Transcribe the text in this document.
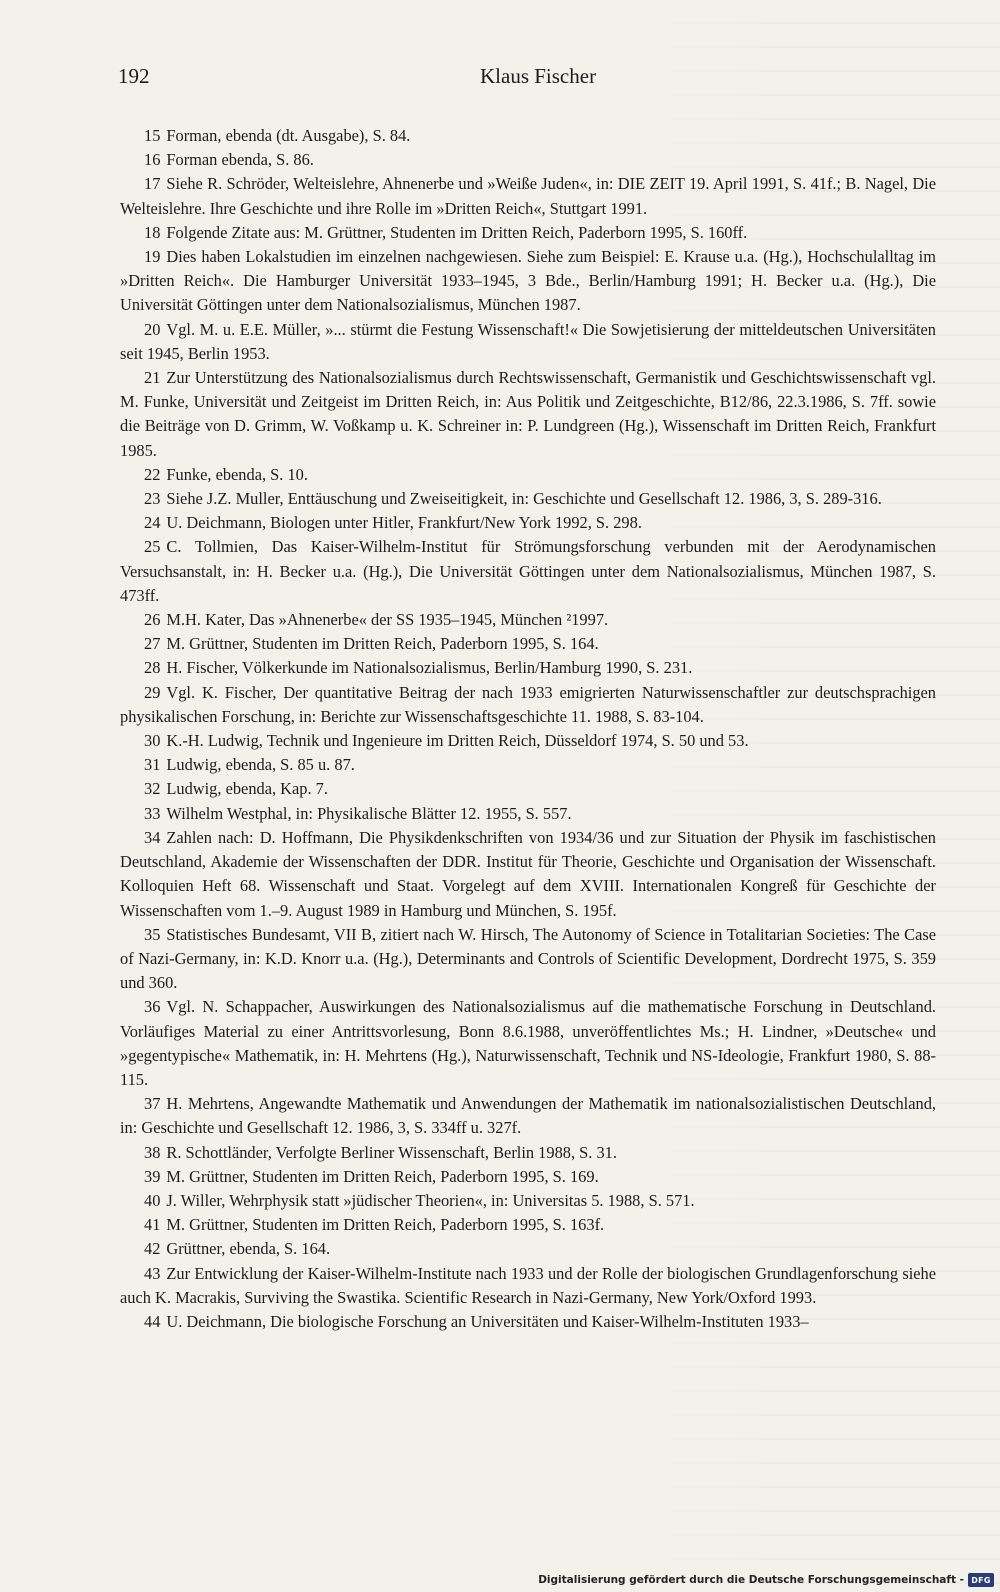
192	Klaus Fischer

15 Forman, ebenda (dt. Ausgabe), S. 84.

16 Forman ebenda, S. 86.

17 Siehe R. Schröder, Welteislehre, Ahnenerbe und »Weiße Juden«, in: DIE ZEIT 19. April 1991, S. 41f.; B. Nagel, Die Welteislehre. Ihre Geschichte und ihre Rolle im »Dritten Reich«, Stuttgart 1991.

18 Folgende Zitate aus: M. Grüttner, Studenten im Dritten Reich, Paderborn 1995, S. 160ff.

19 Dies haben Lokalstudien im einzelnen nachgewiesen. Siehe zum Beispiel: E. Krause u.a. (Hg.), Hochschulalltag im »Dritten Reich«. Die Hamburger Universität 1933–1945, 3 Bde., Berlin/Hamburg 1991; H. Becker u.a. (Hg.), Die Universität Göttingen unter dem Nationalsozialismus, München 1987.

20 Vgl. M. u. E.E. Müller, »... stürmt die Festung Wissenschaft!« Die Sowjetisierung der mitteldeutschen Universitäten seit 1945, Berlin 1953.

21 Zur Unterstützung des Nationalsozialismus durch Rechtswissenschaft, Germanistik und Geschichtswissenschaft vgl. M. Funke, Universität und Zeitgeist im Dritten Reich, in: Aus Politik und Zeitgeschichte, B12/86, 22.3.1986, S. 7ff. sowie die Beiträge von D. Grimm, W. Voßkamp u. K. Schreiner in: P. Lundgreen (Hg.), Wissenschaft im Dritten Reich, Frankfurt 1985.

22 Funke, ebenda, S. 10.

23 Siehe J.Z. Muller, Enttäuschung und Zweiseitigkeit, in: Geschichte und Gesellschaft 12. 1986, 3, S. 289-316.

24 U. Deichmann, Biologen unter Hitler, Frankfurt/New York 1992, S. 298.

25 C. Tollmien, Das Kaiser-Wilhelm-Institut für Strömungsforschung verbunden mit der Aerodynamischen Versuchsanstalt, in: H. Becker u.a. (Hg.), Die Universität Göttingen unter dem Nationalsozialismus, München 1987, S. 473ff.

26 M.H. Kater, Das »Ahnenerbe« der SS 1935–1945, München ²1997.

27 M. Grüttner, Studenten im Dritten Reich, Paderborn 1995, S. 164.

28 H. Fischer, Völkerkunde im Nationalsozialismus, Berlin/Hamburg 1990, S. 231.

29 Vgl. K. Fischer, Der quantitative Beitrag der nach 1933 emigrierten Naturwissenschaftler zur deutschsprachigen physikalischen Forschung, in: Berichte zur Wissenschaftsgeschichte 11. 1988, S. 83-104.

30 K.-H. Ludwig, Technik und Ingenieure im Dritten Reich, Düsseldorf 1974, S. 50 und 53.

31 Ludwig, ebenda, S. 85 u. 87.

32 Ludwig, ebenda, Kap. 7.

33 Wilhelm Westphal, in: Physikalische Blätter 12. 1955, S. 557.

34 Zahlen nach: D. Hoffmann, Die Physikdenkschriften von 1934/36 und zur Situation der Physik im faschistischen Deutschland, Akademie der Wissenschaften der DDR. Institut für Theorie, Geschichte und Organisation der Wissenschaft. Kolloquien Heft 68. Wissenschaft und Staat. Vorgelegt auf dem XVIII. Internationalen Kongreß für Geschichte der Wissenschaften vom 1.–9. August 1989 in Hamburg und München, S. 195f.

35 Statistisches Bundesamt, VII B, zitiert nach W. Hirsch, The Autonomy of Science in Totalitarian Societies: The Case of Nazi-Germany, in: K.D. Knorr u.a. (Hg.), Determinants and Controls of Scientific Development, Dordrecht 1975, S. 359 und 360.

36 Vgl. N. Schappacher, Auswirkungen des Nationalsozialismus auf die mathematische Forschung in Deutschland. Vorläufiges Material zu einer Antrittsvorlesung, Bonn 8.6.1988, unveröffentlichtes Ms.; H. Lindner, »Deutsche« und »gegentypische« Mathematik, in: H. Mehrtens (Hg.), Naturwissenschaft, Technik und NS-Ideologie, Frankfurt 1980, S. 88-115.

37 H. Mehrtens, Angewandte Mathematik und Anwendungen der Mathematik im nationalsozialistischen Deutschland, in: Geschichte und Gesellschaft 12. 1986, 3, S. 334ff u. 327f.

38 R. Schottländer, Verfolgte Berliner Wissenschaft, Berlin 1988, S. 31.

39 M. Grüttner, Studenten im Dritten Reich, Paderborn 1995, S. 169.

40 J. Willer, Wehrphysik statt »jüdischer Theorien«, in: Universitas 5. 1988, S. 571.

41 M. Grüttner, Studenten im Dritten Reich, Paderborn 1995, S. 163f.

42 Grüttner, ebenda, S. 164.

43 Zur Entwicklung der Kaiser-Wilhelm-Institute nach 1933 und der Rolle der biologischen Grundlagenforschung siehe auch K. Macrakis, Surviving the Swastika. Scientific Research in Nazi-Germany, New York/Oxford 1993.

44 U. Deichmann, Die biologische Forschung an Universitäten und Kaiser-Wilhelm-Instituten 1933–

Digitalisierung gefördert durch die Deutsche Forschungsgemeinschaft - DFG
